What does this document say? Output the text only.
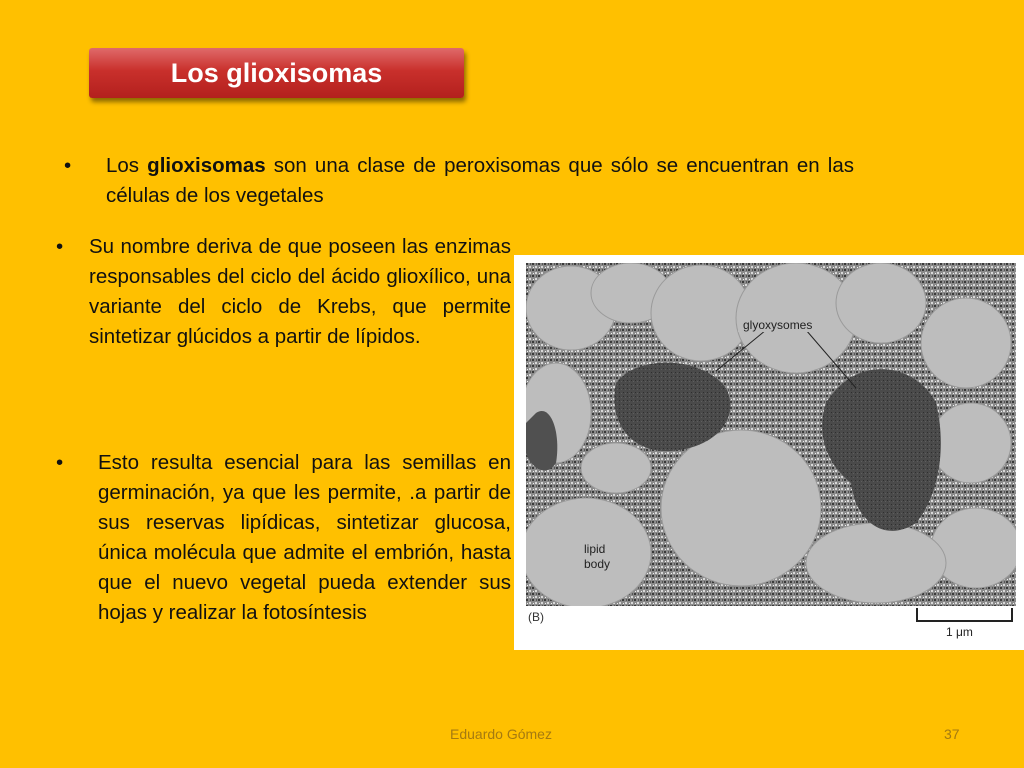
Los glioxisomas
• Los glioxisomas son una clase de peroxisomas que sólo se encuentran en las células de los vegetales
• Su nombre deriva de que poseen las enzimas responsables del ciclo del ácido glioxílico, una variante del ciclo de Krebs, que permite sintetizar glúcidos a partir de lípidos.
• Esto resulta esencial para las semillas en germinación, ya que les permite, .a partir de sus reservas lipídicas, sintetizar glucosa, única molécula que admite el embrión, hasta que el nuevo vegetal pueda extender sus hojas y realizar la fotosíntesis
glyoxysomes
lipid
body
(B)
1 μm
Eduardo Gómez	37
